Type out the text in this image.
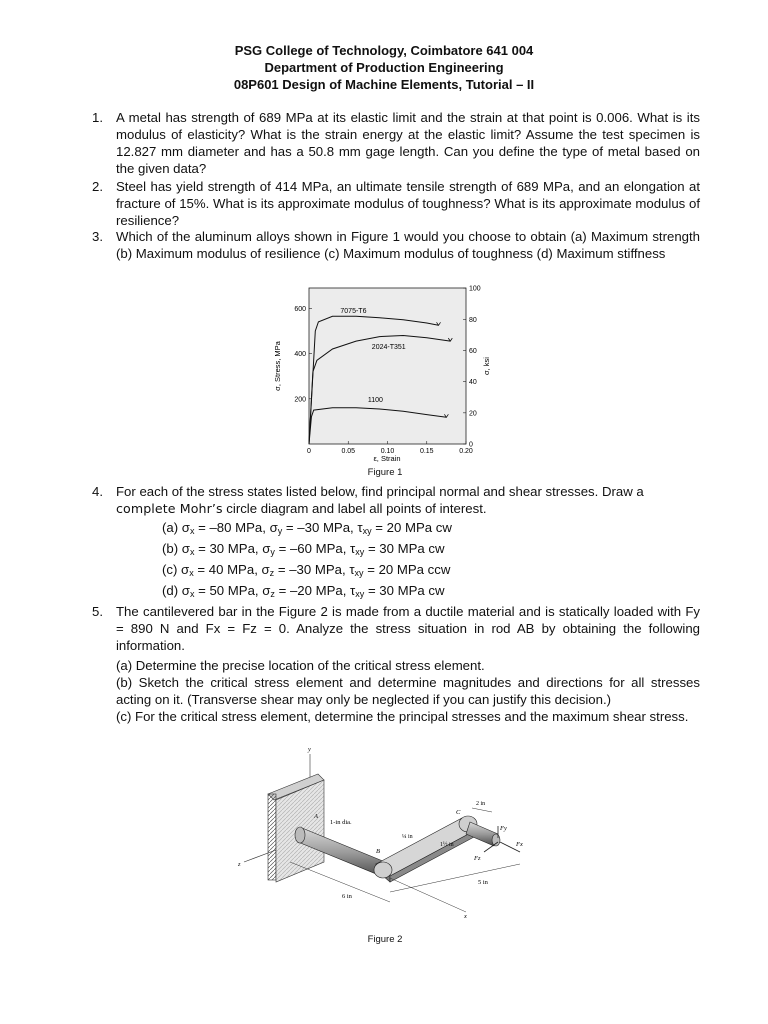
PSG College of Technology, Coimbatore 641 004
Department of Production Engineering
08P601 Design of Machine Elements, Tutorial – II
1. A metal has strength of 689 MPa at its elastic limit and the strain at that point is 0.006. What is its modulus of elasticity? What is the strain energy at the elastic limit? Assume the test specimen is 12.827 mm diameter and has a 50.8 mm gage length. Can you define the type of metal based on the given data?
2. Steel has yield strength of 414 MPa, an ultimate tensile strength of 689 MPa, and an elongation at fracture of 15%. What is its approximate modulus of toughness? What is its approximate modulus of resilience?
3. Which of the aluminum alloys shown in Figure 1 would you choose to obtain (a) Maximum strength (b) Maximum modulus of resilience (c) Maximum modulus of toughness (d) Maximum stiffness
0	0.05	0.10	0.15	0.20
200
400
600
0
20
40
60
80
100
7075-T6
2024-T351
1100
σ, Stress, MPa	σ, ksi
ε, Strain
Figure 1
4. For each of the stress states listed below, find principal normal and shear stresses. Draw a
complete Mohr’s circle diagram and label all points of interest.
(a) $\sigma_x = -80$ MPa, $\sigma_y = -30$ MPa, $\tau_{xy} = 20$ MPa cw
(b) $\sigma_x = 30$ MPa, $\sigma_y = -60$ MPa, $\tau_{xy} = 30$ MPa cw
(c) $\sigma_x = 40$ MPa, $\sigma_z = -30$ MPa, $\tau_{xy} = 20$ MPa ccw
(d) $\sigma_x = 50$ MPa, $\sigma_z = -20$ MPa, $\tau_{xy} = 30$ MPa cw
5. The cantilevered bar in the Figure 2 is made from a ductile material and is statically loaded with Fy = 890 N and Fx = Fz = 0. Analyze the stress situation in rod AB by obtaining the following information.
(a) Determine the precise location of the critical stress element.
(b) Sketch the critical stress element and determine magnitudes and directions for all stresses acting on it. (Transverse shear may only be neglected if you can justify this decision.)
(c) For the critical stress element, determine the principal stresses and the maximum shear stress.
y
z
A
B
1-in dia.
C
¼ in
1½ in
2 in
Fy
Fz
Fx
6 in
5 in
x
Figure 2
